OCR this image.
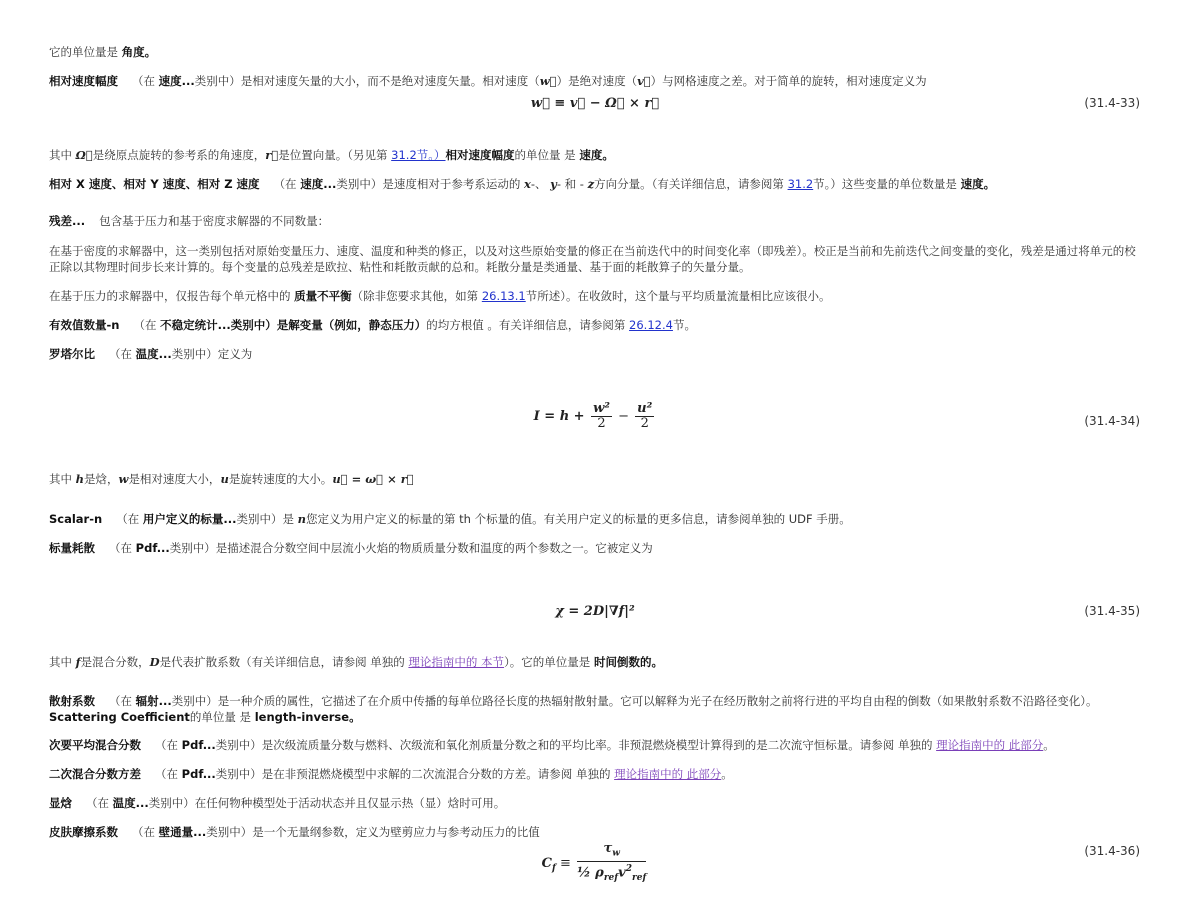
它的单位量是 角度。
相对速度幅度 （在 速度...类别中）是相对速度矢量的大小，而不是绝对速度矢量。相对速度（w⃗）是绝对速度（v⃗）与网格速度之差。对于简单的旋转，相对速度定义为
w⃗ ≡ v⃗ − Ω⃗ × r⃗	(31.4-33)
其中 Ω⃗是绕原点旋转的参考系的角速度，r⃗是位置向量。（另见第 31.2节。）相对速度幅度的单位量 是 速度。
相对 X 速度、相对 Y 速度、相对 Z 速度 （在 速度...类别中）是速度相对于参考系运动的 x-、 y- 和 - z方向分量。（有关详细信息，请参阅第 31.2节。）这些变量的单位数量是 速度。
残差... 包含基于压力和基于密度求解器的不同数量：
在基于密度的求解器中，这一类别包括对原始变量压力、速度、温度和种类的修正，以及对这些原始变量的修正在当前迭代中的时间变化率（即残差）。校正是当前和先前迭代之间变量的变化，残差是通过将单元的校正除以其物理时间步长来计算的。每个变量的总残差是欧拉、粘性和耗散贡献的总和。耗散分量是类通量、基于面的耗散算子的矢量分量。
在基于压力的求解器中，仅报告每个单元格中的 质量不平衡（除非您要求其他，如第 26.13.1节所述）。在收敛时，这个量与平均质量流量相比应该很小。
有效值数量-n （在 不稳定统计...类别中）是解变量（例如，静态压力）的均方根值 。有关详细信息，请参阅第 26.12.4节。
罗塔尔比 （在 温度...类别中）定义为
$I = h + \frac{\text{w²}}{2} - \frac{\text{u²}}{2}$	(31.4-34)
其中 h是焓，w是相对速度大小，u是旋转速度的大小。u⃗ = ω⃗ × r⃗
Scalar-n （在 用户定义的标量...类别中）是 n您定义为用户定义的标量的第 th 个标量的值。有关用户定义的标量的更多信息，请参阅单独的 UDF 手册。
标量耗散 （在 Pdf...类别中）是描述混合分数空间中层流小火焰的物质质量分数和温度的两个参数之一。它被定义为
χ = 2D|∇f|²	(31.4-35)
其中 f是混合分数，D是代表扩散系数（有关详细信息，请参阅 单独的 理论指南中的 本节）。它的单位量是 时间倒数的。
散射系数 （在 辐射...类别中）是一种介质的属性，它描述了在介质中传播的每单位路径长度的热辐射散射量。它可以解释为光子在经历散射之前将行进的平均自由程的倒数（如果散射系数不沿路径变化）。Scattering Coefficient的单位量 是 length-inverse。
次要平均混合分数 （在 Pdf...类别中）是次级流质量分数与燃料、次级流和氧化剂质量分数之和的平均比率。非预混燃烧模型计算得到的是二次流守恒标量。请参阅 单独的 理论指南中的 此部分。
二次混合分数方差 （在 Pdf...类别中）是在非预混燃烧模型中求解的二次流混合分数的方差。请参阅 单独的 理论指南中的 此部分。
显焓 （在 温度...类别中）在任何物种模型处于活动状态并且仅显示热（显）焓时可用。
皮肤摩擦系数 （在 壁通量...类别中）是一个无量纲参数，定义为壁剪应力与参考动压力的比值
$C_f \equiv \frac{\tau_w}{\frac{1}{2} \rho_{ref}v^2_{ref}}$	(31.4-36)
